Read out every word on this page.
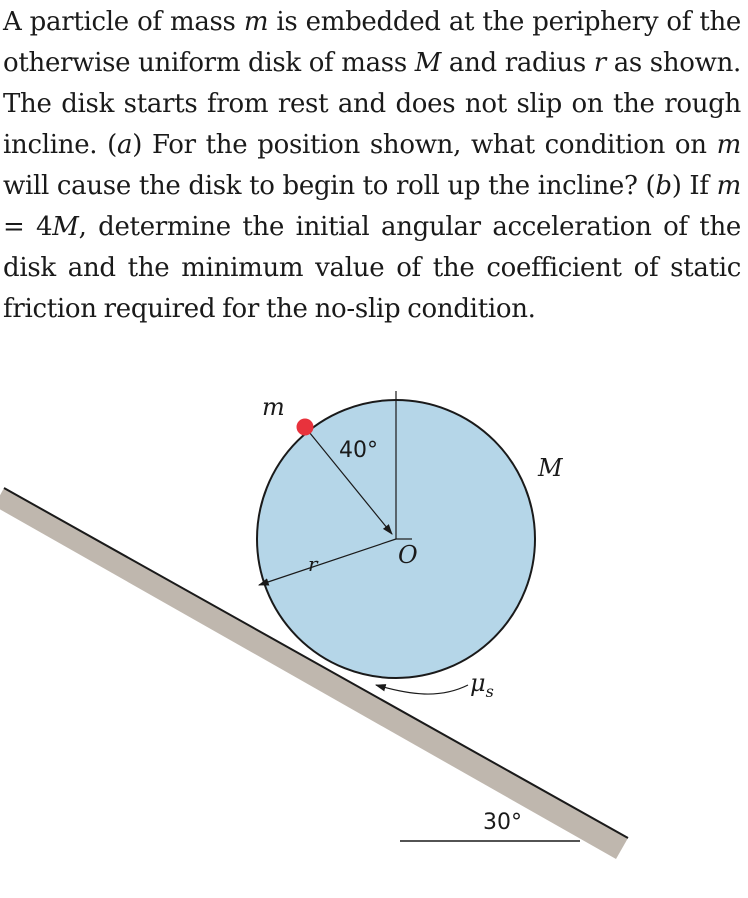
A particle of mass m is embedded at the periphery of the otherwise uniform disk of mass M and radius r as shown. The disk starts from rest and does not slip on the rough incline. (a) For the position shown, what condition on m will cause the disk to begin to roll up the incline? (b) If m = 4M, determine the initial angular acceleration of the disk and the minimum value of the coefficient of static friction required for the no-slip condition.
m
40°
M
r	O
$\mu_s$
30°
